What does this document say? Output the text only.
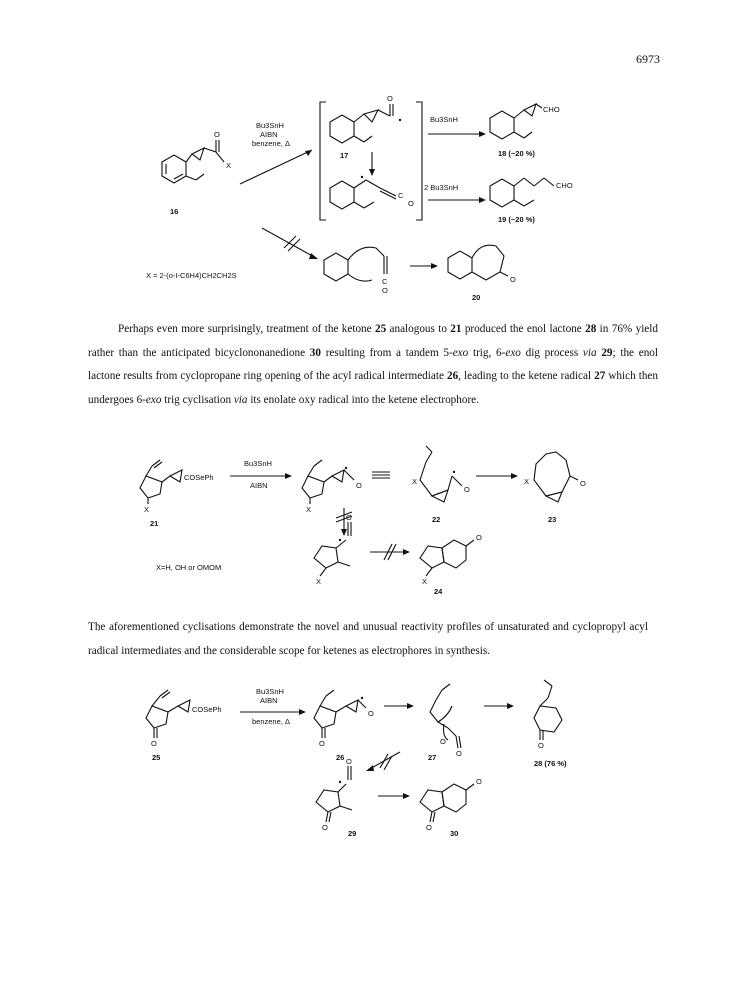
6973
O
X
16
Bu3SnH
AIBN
benzene, Δ
O
17
C
O
Bu3SnH
CHO
18 (~20 %)
2 Bu3SnH	CHO
19 (~20 %)
C
O
O
20
X = 2-(o-I-C6H4)CH2CH2S
Perhaps even more surprisingly, treatment of the ketone 25 analogous to 21 produced the enol lactone 28 in 76% yield rather than the anticipated bicyclononanedione 30 resulting from a tandem 5-exo trig, 6-exo dig process via 29; the enol lactone results from cyclopropane ring opening of the acyl radical intermediate 26, leading to the ketene radical 27 which then undergoes 6-exo trig cyclisation via its enolate oxy radical into the ketene electrophore.
COSePh
X
21
Bu3SnH
AIBN	O
X
O
X
22
O
X
23
O
X
O
X
24
X=H, OH or OMOM
The aforementioned cyclisations demonstrate the novel and unusual reactivity profiles of unsaturated and cyclopropyl acyl radical intermediates and the considerable scope for ketenes as electrophores in synthesis.
COSePh
O
25
Bu3SnH
AIBN
benzene, Δ
O
O
26
O
O
27
O
28 (76 %)
O
O
29
O
O
30
